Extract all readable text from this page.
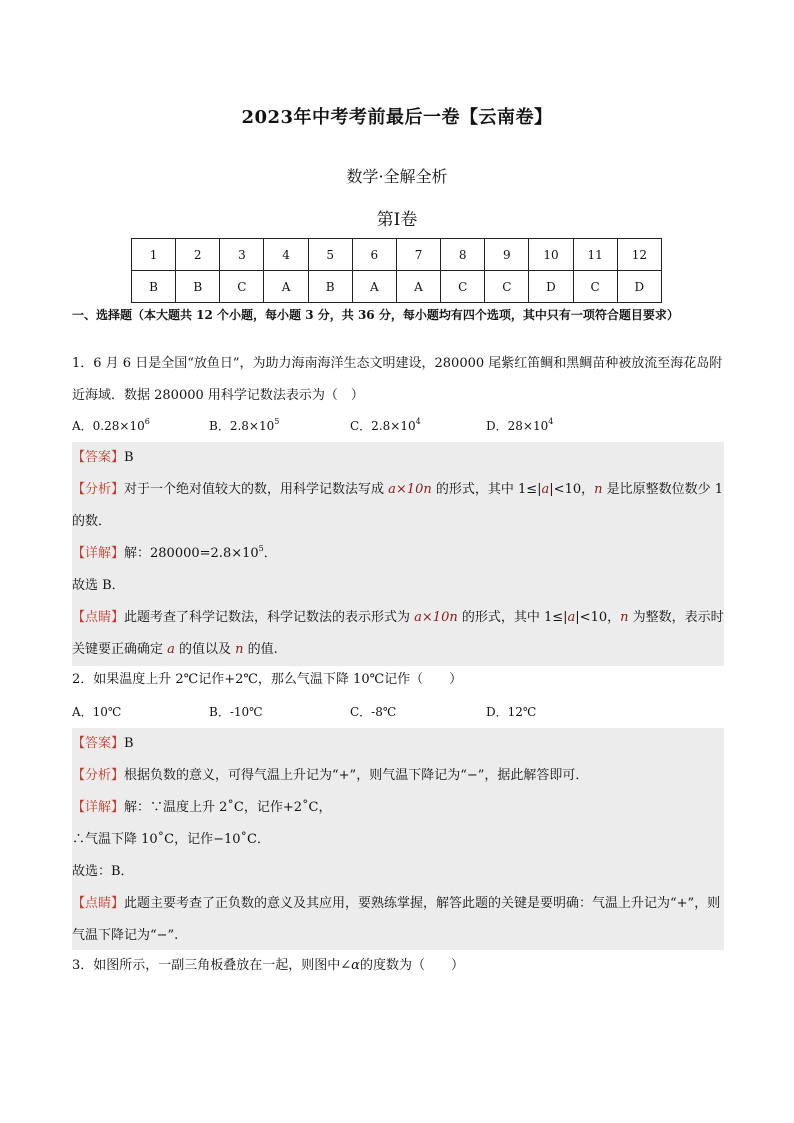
2023年中考考前最后一卷【云南卷】
数学·全解全析
第Ⅰ卷
1	2	3	4	5	6	7	8	9	10	11	12
B	B	C	A	B	A	A	C	C	D	C	D
一、选择题（本大题共 12 个小题，每小题 3 分，共 36 分，每小题均有四个选项，其中只有一项符合题目要求）
1．6 月 6 日是全国“放鱼日”，为助力海南海洋生态文明建设，280000 尾紫红笛鲷和黑鲷苗种被放流至海花岛附近海域．数据 280000 用科学记数法表示为（　）
A．$0.28\times 10^6$	B．$2.8\times 10^5$	C．$2.8\times 10^4$	D．$28\times 10^4$
【答案】B
【分析】对于一个绝对值较大的数，用科学记数法写成 a×10n 的形式，其中 1≤|a|<10，n 是比原整数位数少 1 的数．
【详解】解：$280000=2.8\times 10^5$．
故选 B．
【点睛】此题考查了科学记数法，科学记数法的表示形式为 a×10n 的形式，其中 1≤|a|<10，n 为整数，表示时关键要正确确定 a 的值以及 n 的值.
2．如果温度上升 2℃记作+2℃，那么气温下降 10℃记作（　　）
A．10℃	B．-10℃	C．-8℃	D．12℃
【答案】B
【分析】根据负数的意义，可得气温上升记为“+”，则气温下降记为“−”，据此解答即可．
【详解】解：∵温度上升 2˚C，记作+2˚C，
∴气温下降 10˚C，记作−10˚C．
故选：B．
【点睛】此题主要考查了正负数的意义及其应用，要熟练掌握，解答此题的关键是要明确：气温上升记为“+”，则气温下降记为“−”.
3．如图所示，一副三角板叠放在一起，则图中∠α的度数为（　　）
